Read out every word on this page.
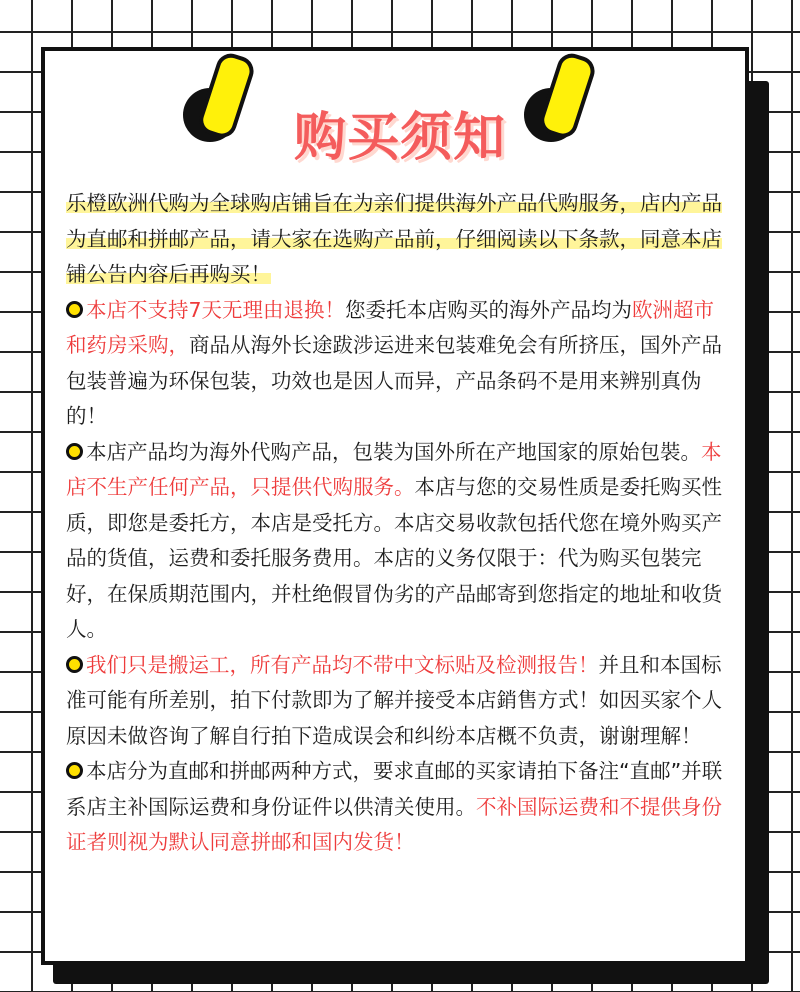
购买须知

乐橙欧洲代购为全球购店铺旨在为亲们提供海外产品代购服务，店内产品为直邮和拼邮产品，请大家在选购产品前，仔细阅读以下条款，同意本店铺公告内容后再购买！

本店不支持7天无理由退换！您委托本店购买的海外产品均为欧洲超市和药房采购，商品从海外长途跋涉运进来包装难免会有所挤压，国外产品包装普遍为环保包装，功效也是因人而异，产品条码不是用来辨别真伪的！

本店产品均为海外代购产品，包裝为国外所在产地国家的原始包裝。本店不生产任何产品，只提供代购服务。本店与您的交易性质是委托购买性质，即您是委托方，本店是受托方。本店交易收款包括代您在境外购买产品的货值，运费和委托服务费用。本店的义务仅限于：代为购买包裝完好，在保质期范围内，并杜绝假冒伪劣的产品邮寄到您指定的地址和收货人。

我们只是搬运工，所有产品均不带中文标贴及检测报告！并且和本国标准可能有所差别，拍下付款即为了解并接受本店銷售方式！如因买家个人原因未做咨询了解自行拍下造成误会和纠纷本店概不负责，谢谢理解！

本店分为直邮和拼邮两种方式，要求直邮的买家请拍下备注“直邮”并联系店主补国际运费和身份证件以供清关使用。不补国际运费和不提供身份证者则视为默认同意拼邮和国内发货！
